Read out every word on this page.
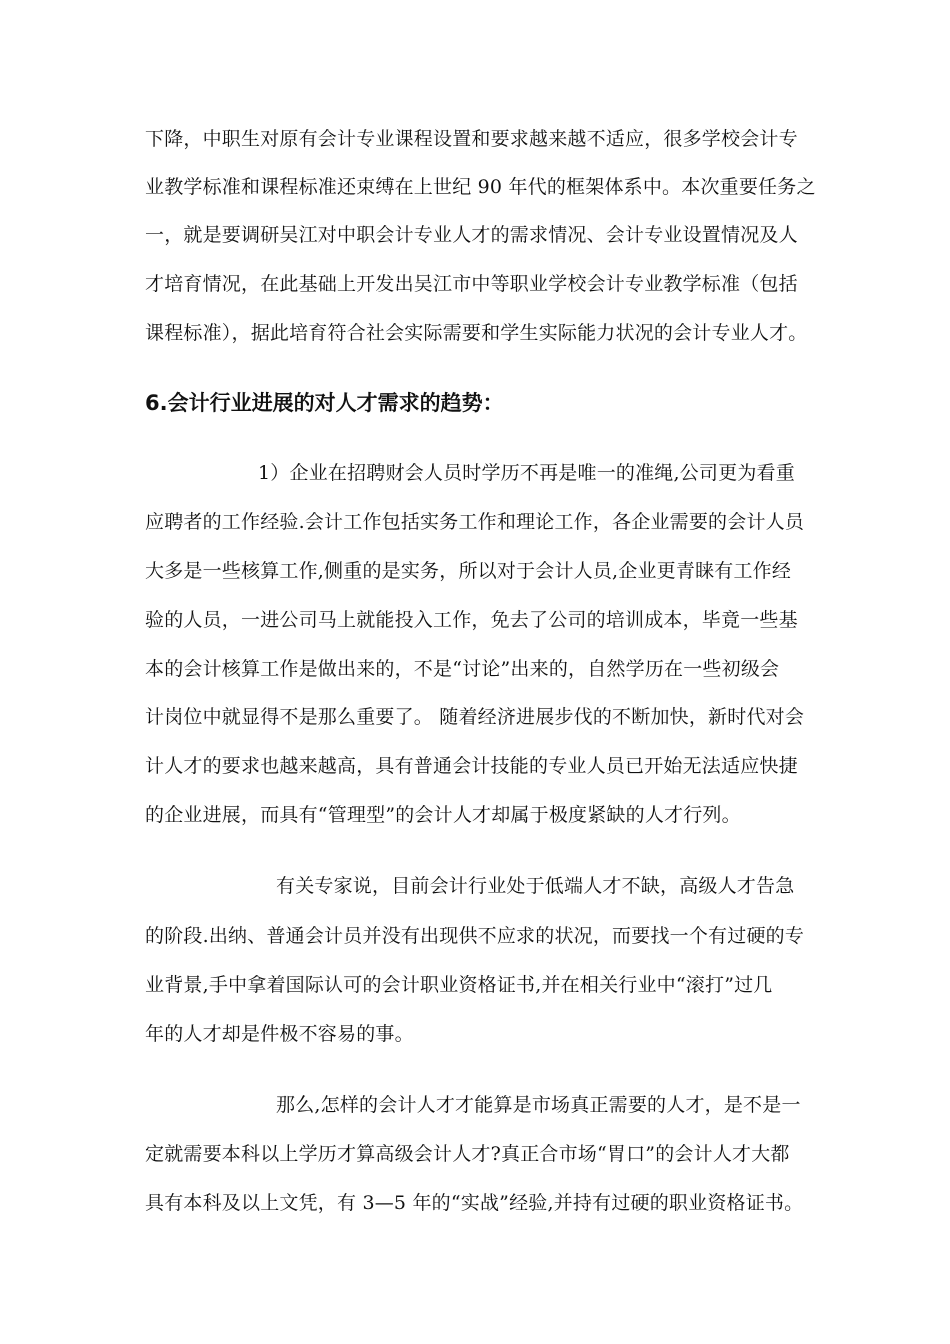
下降，中职生对原有会计专业课程设置和要求越来越不适应，很多学校会计专
业教学标准和课程标准还束缚在上世纪 90 年代的框架体系中。本次重要任务之
一，就是要调研吴江对中职会计专业人才的需求情况、会计专业设置情况及人
才培育情况，在此基础上开发出吴江市中等职业学校会计专业教学标准（包括
课程标准），据此培育符合社会实际需要和学生实际能力状况的会计专业人才。
6.会计行业进展的对人才需求的趋势：
1）企业在招聘财会人员时学历不再是唯一的准绳,公司更为看重
应聘者的工作经验.会计工作包括实务工作和理论工作，各企业需要的会计人员
大多是一些核算工作,侧重的是实务，所以对于会计人员,企业更青睐有工作经
验的人员，一进公司马上就能投入工作，免去了公司的培训成本，毕竟一些基
本的会计核算工作是做出来的，不是“讨论”出来的，自然学历在一些初级会
计岗位中就显得不是那么重要了。 随着经济进展步伐的不断加快，新时代对会
计人才的要求也越来越高，具有普通会计技能的专业人员已开始无法适应快捷
的企业进展，而具有“管理型”的会计人才却属于极度紧缺的人才行列。
有关专家说，目前会计行业处于低端人才不缺，高级人才告急
的阶段.出纳、普通会计员并没有出现供不应求的状况，而要找一个有过硬的专
业背景,手中拿着国际认可的会计职业资格证书,并在相关行业中“滚打”过几
年的人才却是件极不容易的事。
那么,怎样的会计人才才能算是市场真正需要的人才，是不是一
定就需要本科以上学历才算高级会计人才?真正合市场“胃口”的会计人才大都
具有本科及以上文凭，有 3—5 年的“实战”经验,并持有过硬的职业资格证书。
